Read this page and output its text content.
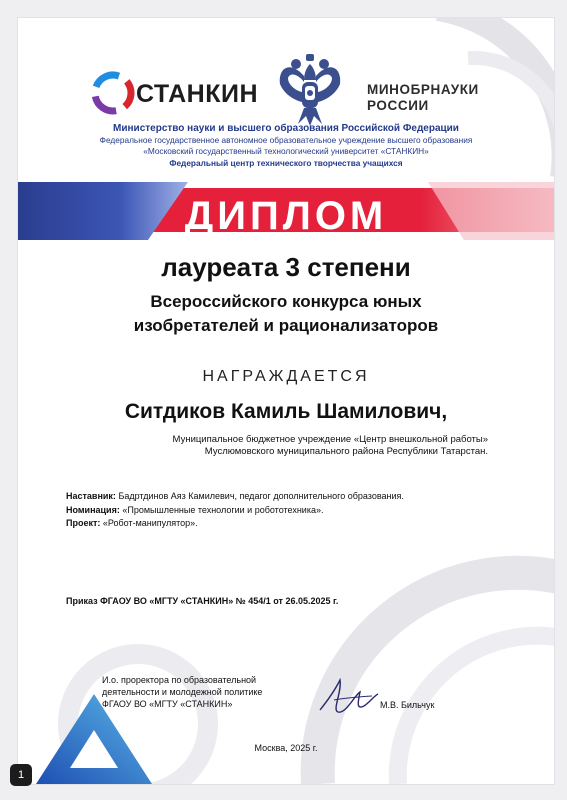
СТАНКИН	МИНОБРНАУКИ
РОССИИ
Министерство науки и высшего образования Российской Федерации
Федеральное государственное автономное образовательное учреждение высшего образования
«Московский государственный технологический университет «СТАНКИН»
Федеральный центр технического творчества учащихся
ДИПЛОМ
лауреата 3 степени
Всероссийского конкурса юных
изобретателей и рационализаторов
НАГРАЖДАЕТСЯ
Ситдиков Камиль Шамилович,
Муниципальное бюджетное учреждение «Центр внешкольной работы»
Муслюмовского муниципального района Республики Татарстан.
Наставник: Бадртдинов Аяз Камилевич, педагог дополнительного образования.
Номинация: «Промышленные технологии и робототехника».
Проект: «Робот-манипулятор».
Приказ ФГАОУ ВО «МГТУ «СТАНКИН» № 454/1 от 26.05.2025 г.
И.о. проректора по образовательной
деятельности и молодежной политике
ФГАОУ ВО «МГТУ «СТАНКИН»	М.В. Бильчук
Москва, 2025 г.
1
